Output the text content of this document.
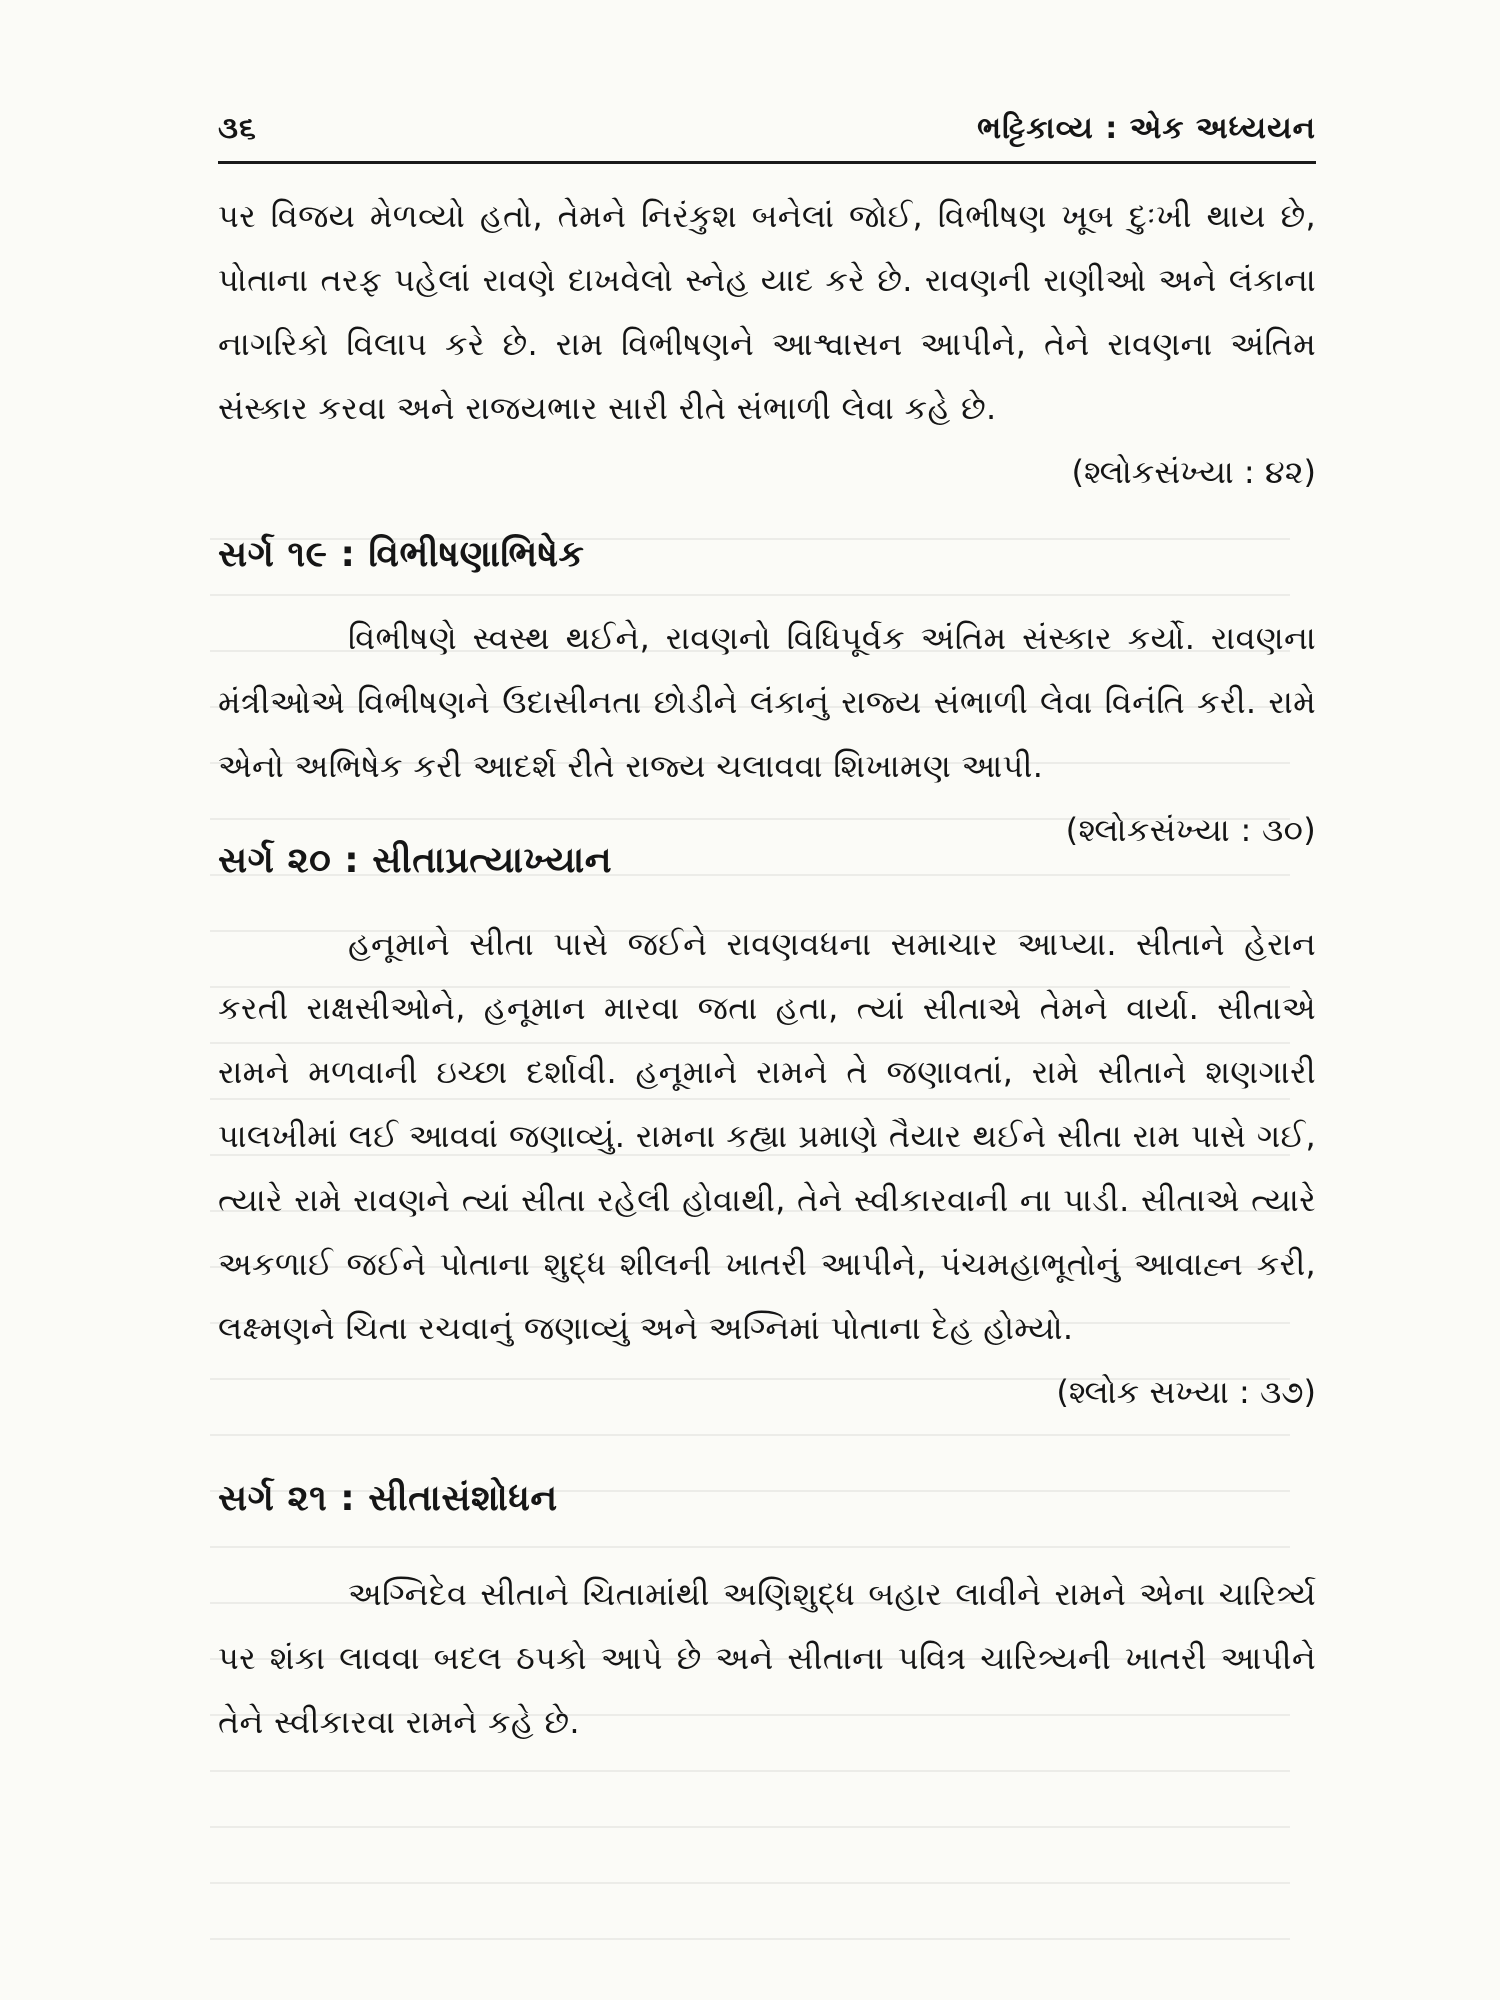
૩૬	ભટ્ટિકાવ્ય : એક અધ્યયન

પર વિજય મેળવ્યો હતો, તેમને નિરંકુશ બનેલાં જોઈ, વિભીષણ ખૂબ દુઃખી થાય છે, પોતાના તરફ પહેલાં રાવણે દાખવેલો સ્નેહ યાદ કરે છે. રાવણની રાણીઓ અને લંકાના નાગરિકો વિલાપ કરે છે. રામ વિભીષણને આશ્વાસન આપીને, તેને રાવણના અંતિમ સંસ્કાર કરવા અને રાજયભાર સારી રીતે સંભાળી લેવા કહે છે.

(શ્લોકસંખ્યા : ૪૨)

સર્ગ ૧૯ : વિભીષણાભિષેક

વિભીષણે સ્વસ્થ થઈને, રાવણનો વિધિપૂર્વક અંતિમ સંસ્કાર કર્યો. રાવણના મંત્રીઓએ વિભીષણને ઉદાસીનતા છોડીને લંકાનું રાજ્ય સંભાળી લેવા વિનંતિ કરી. રામે એનો અભિષેક કરી આદર્શ રીતે રાજ્ય ચલાવવા શિખામણ આપી.
(શ્લોકસંખ્યા : ૩૦)

સર્ગ ૨૦ : સીતાપ્રત્યાખ્યાન

હનૂમાને સીતા પાસે જઈને રાવણવધના સમાચાર આપ્યા. સીતાને હેરાન કરતી રાક્ષસીઓને, હનૂમાન મારવા જતા હતા, ત્યાં સીતાએ તેમને વાર્યા. સીતાએ રામને મળવાની ઇચ્છા દર્શાવી. હનૂમાને રામને તે જણાવતાં, રામે સીતાને શણગારી પાલખીમાં લઈ આવવાં જણાવ્યું. રામના કહ્યા પ્રમાણે તૈયાર થઈને સીતા રામ પાસે ગઈ, ત્યારે રામે રાવણને ત્યાં સીતા રહેલી હોવાથી, તેને સ્વીકારવાની ના પાડી. સીતાએ ત્યારે અકળાઈ જઈને પોતાના શુદ્ધ શીલની ખાતરી આપીને, પંચમહાભૂતોનું આવાહ્ન કરી, લક્ષ્મણને ચિતા રચવાનું જણાવ્યું અને અગ્નિમાં પોતાના દેહ હોમ્યો.

(શ્લોક સખ્યા : ૩૭)

સર્ગ ૨૧ : સીતાસંશોધન

અગ્નિદેવ સીતાને ચિતામાંથી અણિશુદ્ધ બહાર લાવીને રામને એના ચારિર્ત્ર્ય પર શંકા લાવવા બદલ ઠપકો આપે છે અને સીતાના પવિત્ર ચારિત્ર્યની ખાતરી આપીને તેને સ્વીકારવા રામને કહે છે.
